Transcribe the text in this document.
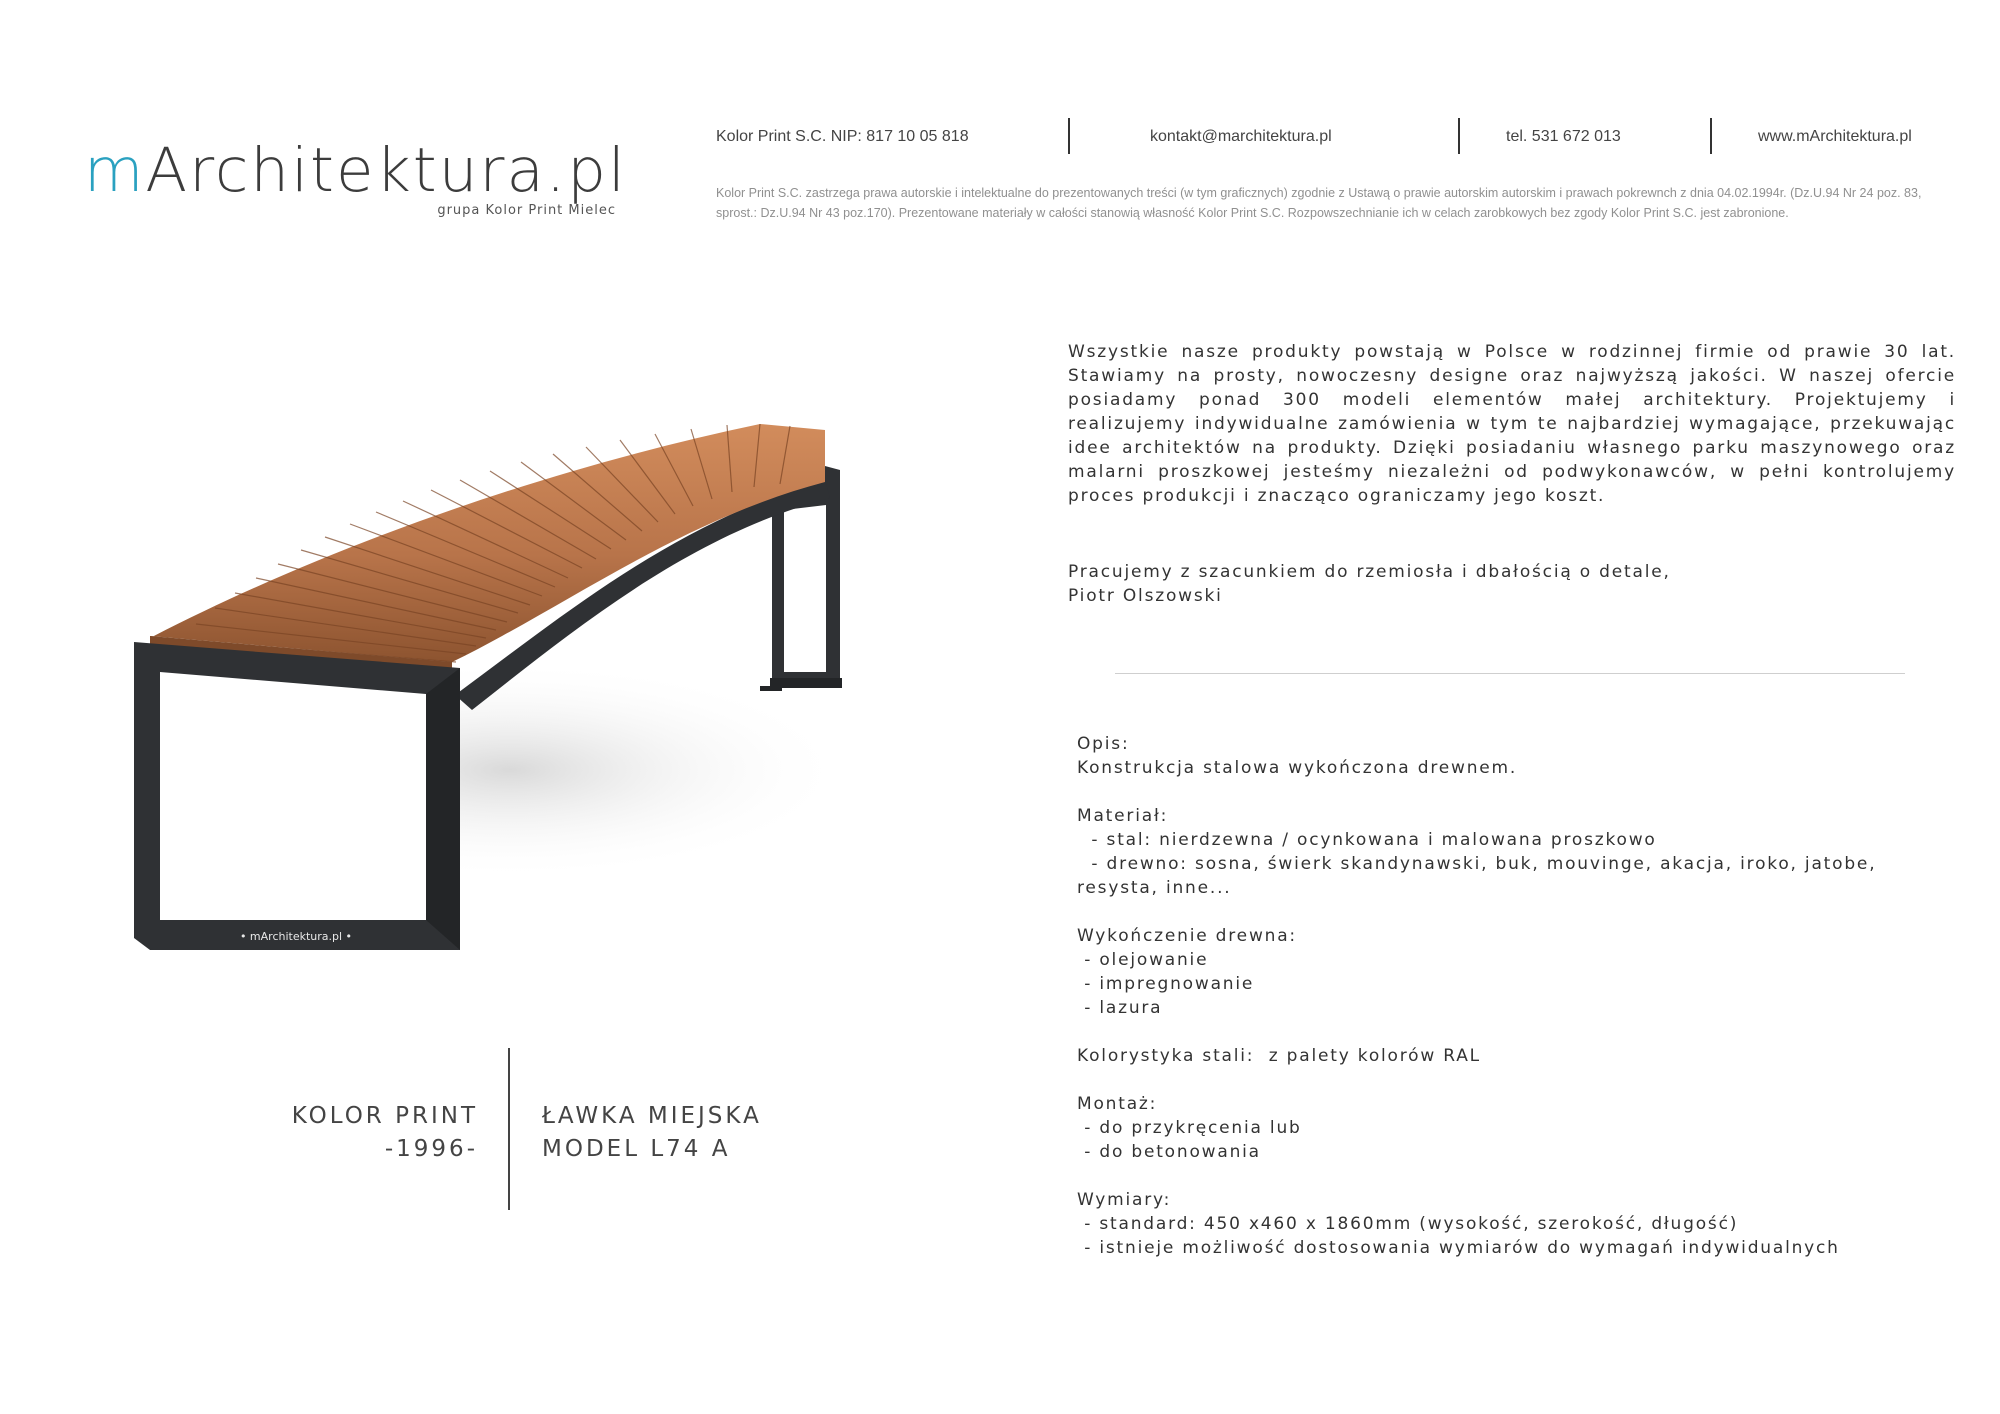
mArchitektura.pl
grupa Kolor Print Mielec
Kolor Print S.C. NIP: 817 10 05 818	kontakt@marchitektura.pl	tel. 531 672 013	www.mArchitektura.pl
Kolor Print S.C. zastrzega prawa autorskie i intelektualne do prezentowanych treści (w tym graficznych) zgodnie z Ustawą o prawie autorskim autorskim i prawach pokrewnch z dnia 04.02.1994r. (Dz.U.94 Nr 24 poz. 83, sprost.: Dz.U.94 Nr 43 poz.170). Prezentowane materiały w całości stanowią własność Kolor Print S.C. Rozpowszechnianie ich w celach zarobkowych bez zgody Kolor Print S.C. jest zabronione.

Wszystkie nasze produkty powstają w Polsce w rodzinnej firmie od prawie 30 lat. Stawiamy na prosty, nowoczesny designe oraz najwyższą jakości. W naszej ofercie posiadamy ponad 300 modeli elementów małej architektury. Projektujemy i realizujemy indywidualne zamówienia w tym te najbardziej wymagające, przekuwając idee architektów na produkty. Dzięki posiadaniu własnego parku maszynowego oraz malarni proszkowej jesteśmy niezależni od podwykonawców, w pełni kontrolujemy proces produkcji i znacząco ograniczamy jego koszt.

Pracujemy z szacunkiem do rzemiosła i dbałością o detale,
Piotr Olszowski
Opis:
Konstrukcja stalowa wykończona drewnem.
Materiał:
- stal: nierdzewna / ocynkowana i malowana proszkowo
- drewno: sosna, świerk skandynawski, buk, mouvinge, akacja, iroko, jatobe, resysta, inne...
Wykończenie drewna:
- olejowanie
- impregnowanie
- lazura
Kolorystyka stali:  z palety kolorów RAL
Montaż:
- do przykręcenia lub
- do betonowania
Wymiary:
- standard: 450 x460 x 1860mm (wysokość, szerokość, długość)
- istnieje możliwość dostosowania wymiarów do wymagań indywidualnych
• mArchitektura.pl •
KOLOR PRINT
-1996-
ŁAWKA MIEJSKA
MODEL L74 A
